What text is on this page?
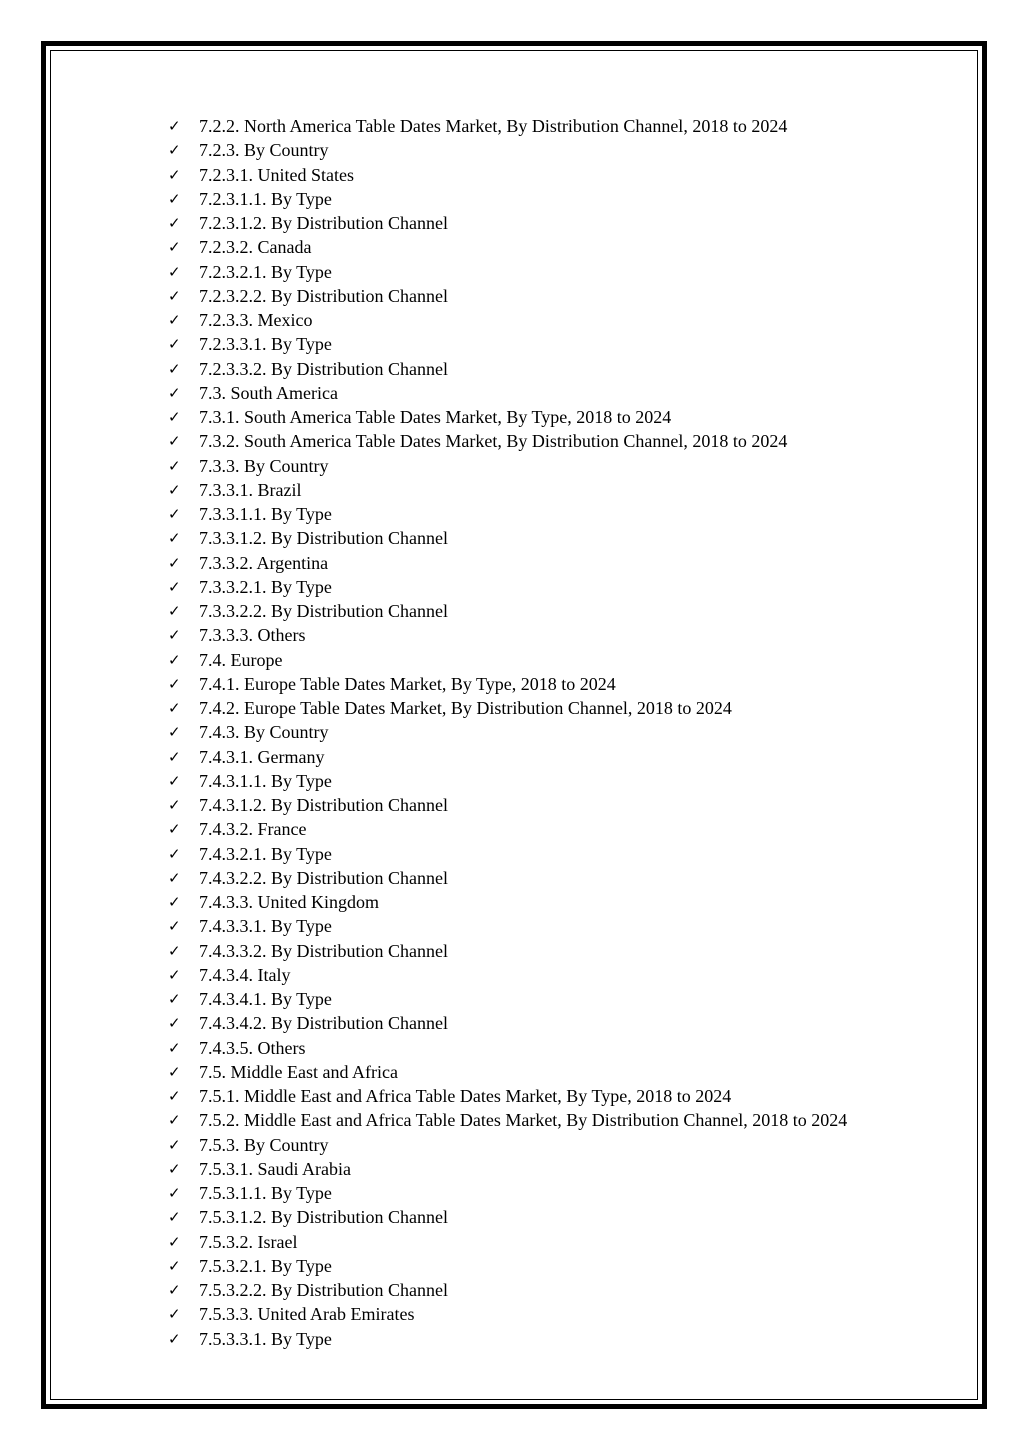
✓	7.2.2. North America Table Dates Market, By Distribution Channel, 2018 to 2024
✓	7.2.3. By Country
✓	7.2.3.1. United States
✓	7.2.3.1.1. By Type
✓	7.2.3.1.2. By Distribution Channel
✓	7.2.3.2. Canada
✓	7.2.3.2.1. By Type
✓	7.2.3.2.2. By Distribution Channel
✓	7.2.3.3. Mexico
✓	7.2.3.3.1. By Type
✓	7.2.3.3.2. By Distribution Channel
✓	7.3. South America
✓	7.3.1. South America Table Dates Market, By Type, 2018 to 2024
✓	7.3.2. South America Table Dates Market, By Distribution Channel, 2018 to 2024
✓	7.3.3. By Country
✓	7.3.3.1. Brazil
✓	7.3.3.1.1. By Type
✓	7.3.3.1.2. By Distribution Channel
✓	7.3.3.2. Argentina
✓	7.3.3.2.1. By Type
✓	7.3.3.2.2. By Distribution Channel
✓	7.3.3.3. Others
✓	7.4. Europe
✓	7.4.1. Europe Table Dates Market, By Type, 2018 to 2024
✓	7.4.2. Europe Table Dates Market, By Distribution Channel, 2018 to 2024
✓	7.4.3. By Country
✓	7.4.3.1. Germany
✓	7.4.3.1.1. By Type
✓	7.4.3.1.2. By Distribution Channel
✓	7.4.3.2. France
✓	7.4.3.2.1. By Type
✓	7.4.3.2.2. By Distribution Channel
✓	7.4.3.3. United Kingdom
✓	7.4.3.3.1. By Type
✓	7.4.3.3.2. By Distribution Channel
✓	7.4.3.4. Italy
✓	7.4.3.4.1. By Type
✓	7.4.3.4.2. By Distribution Channel
✓	7.4.3.5. Others
✓	7.5. Middle East and Africa
✓	7.5.1. Middle East and Africa Table Dates Market, By Type, 2018 to 2024
✓	7.5.2. Middle East and Africa Table Dates Market, By Distribution Channel, 2018 to 2024
✓	7.5.3. By Country
✓	7.5.3.1. Saudi Arabia
✓	7.5.3.1.1. By Type
✓	7.5.3.1.2. By Distribution Channel
✓	7.5.3.2. Israel
✓	7.5.3.2.1. By Type
✓	7.5.3.2.2. By Distribution Channel
✓	7.5.3.3. United Arab Emirates
✓	7.5.3.3.1. By Type
